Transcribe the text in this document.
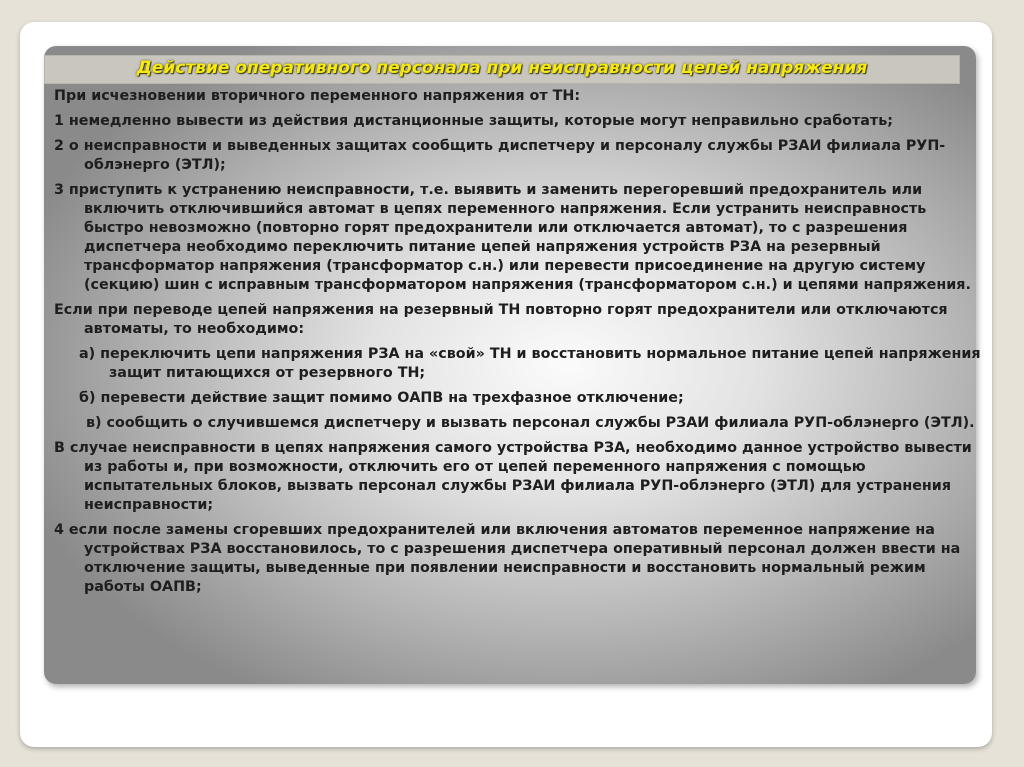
Действие оперативного персонала при неисправности цепей напряжения

При исчезновении вторичного переменного напряжения от ТН:

1 немедленно вывести из действия дистанционные защиты, которые могут неправильно сработать;

2 о неисправности и выведенных защитах сообщить диспетчеру и персоналу службы РЗАИ филиала РУП-облэнерго (ЭТЛ);

3 приступить к устранению неисправности, т.е. выявить и заменить перегоревший предохранитель или включить отключившийся автомат в цепях переменного напряжения. Если устранить неисправность быстро невозможно (повторно горят предохранители или отключается автомат), то с разрешения диспетчера необходимо переключить питание цепей напряжения устройств РЗА на резервный трансформатор напряжения (трансформатор с.н.) или перевести присоединение на другую систему (секцию) шин с исправным трансформатором напряжения (трансформатором с.н.) и цепями напряжения.

Если при переводе цепей напряжения на резервный ТН повторно горят предохранители или отключаются автоматы, то необходимо:

а) переключить цепи напряжения РЗА на «свой» ТН и восстановить нормальное питание цепей напряжения защит питающихся от резервного ТН;

б) перевести действие защит помимо ОАПВ на трехфазное отключение;

в) сообщить о случившемся диспетчеру и вызвать персонал службы РЗАИ филиала РУП-облэнерго (ЭТЛ).

В случае неисправности в цепях напряжения самого устройства РЗА, необходимо данное устройство вывести из работы и, при возможности, отключить его от цепей переменного напряжения с помощью испытательных блоков, вызвать персонал службы РЗАИ филиала РУП-облэнерго (ЭТЛ) для устранения неисправности;

4 если после замены сгоревших предохранителей или включения автоматов переменное напряжение на устройствах РЗА восстановилось, то с разрешения диспетчера оперативный персонал должен ввести на отключение защиты, выведенные при появлении неисправности и восстановить нормальный режим работы ОАПВ;
